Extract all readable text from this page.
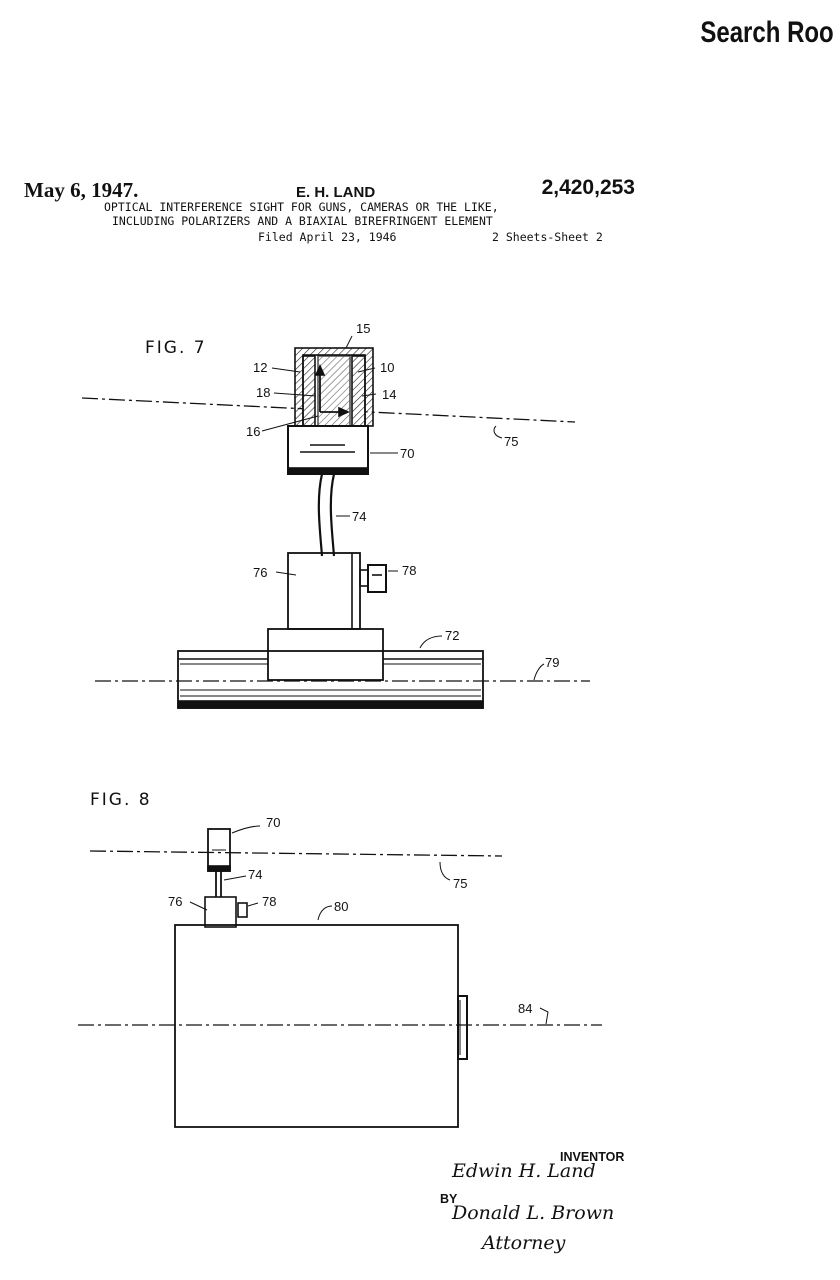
Search Roo
May 6, 1947.	E. H. LAND	2,420,253
OPTICAL INTERFERENCE SIGHT FOR GUNS, CAMERAS OR THE LIKE,
INCLUDING POLARIZERS AND A BIAXIAL BIREFRINGENT ELEMENT
Filed April 23, 1946	2 Sheets-Sheet 2
FIG. 7
15
12	10
18	14
16
75
70
74
76	78
72
79
FIG. 8
70
74
75
76	78	80
84
INVENTOR
Edwin H. Land
BY
Donald L. Brown
Attorney
